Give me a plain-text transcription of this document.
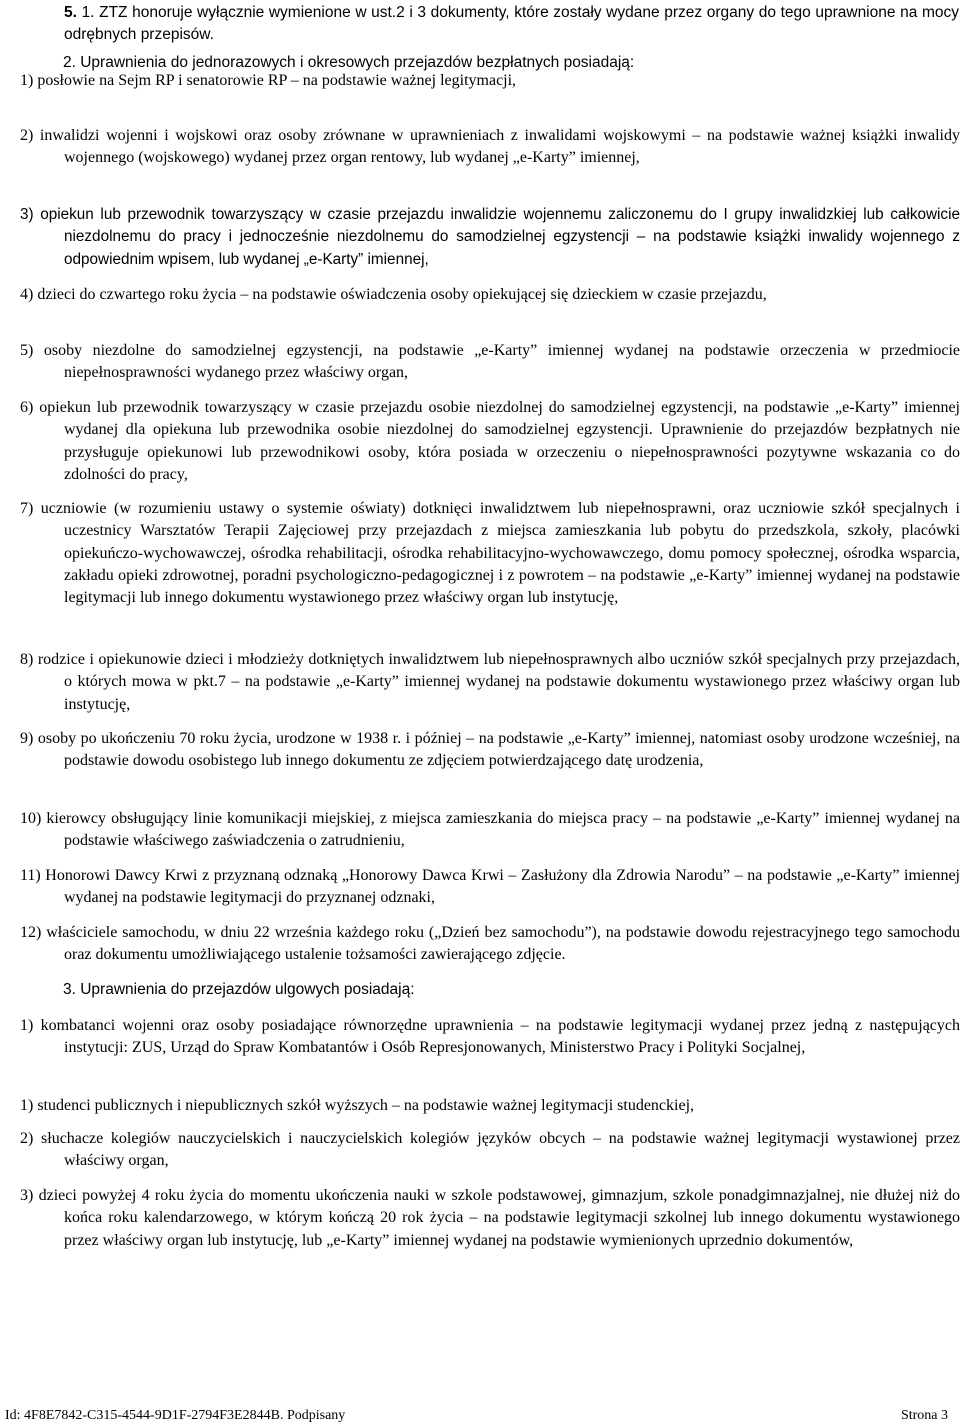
5. 1. ZTZ honoruje wyłącznie wymienione w ust.2 i 3 dokumenty, które zostały wydane przez organy do tego uprawnione na mocy odrębnych przepisów.
2. Uprawnienia do jednorazowych i okresowych przejazdów bezpłatnych posiadają:
1) posłowie na Sejm RP i senatorowie RP – na podstawie ważnej legitymacji,
2) inwalidzi wojenni i wojskowi oraz osoby zrównane w uprawnieniach z inwalidami wojskowymi – na podstawie ważnej książki inwalidy wojennego (wojskowego) wydanej przez organ rentowy, lub wydanej „e-Karty” imiennej,
3) opiekun lub przewodnik towarzyszący w czasie przejazdu inwalidzie wojennemu zaliczonemu do I grupy inwalidzkiej lub całkowicie niezdolnemu do pracy i jednocześnie niezdolnemu do samodzielnej egzystencji – na podstawie książki inwalidy wojennego z odpowiednim wpisem, lub wydanej „e-Karty” imiennej,
4) dzieci do czwartego roku życia – na podstawie oświadczenia osoby opiekującej się dzieckiem w czasie przejazdu,
5) osoby niezdolne do samodzielnej egzystencji, na podstawie „e-Karty” imiennej wydanej na podstawie orzeczenia w przedmiocie niepełnosprawności wydanego przez właściwy organ,
6) opiekun lub przewodnik towarzyszący w czasie przejazdu osobie niezdolnej do samodzielnej egzystencji, na podstawie „e-Karty” imiennej wydanej dla opiekuna lub przewodnika osobie niezdolnej do samodzielnej egzystencji. Uprawnienie do przejazdów bezpłatnych nie przysługuje opiekunowi lub przewodnikowi osoby, która posiada w orzeczeniu o niepełnosprawności pozytywne wskazania co do zdolności do pracy,
7) uczniowie (w rozumieniu ustawy o systemie oświaty) dotknięci inwalidztwem lub niepełnosprawni, oraz uczniowie szkół specjalnych i uczestnicy Warsztatów Terapii Zajęciowej przy przejazdach z miejsca zamieszkania lub pobytu do przedszkola, szkoły, placówki opiekuńczo-wychowawczej, ośrodka rehabilitacji, ośrodka rehabilitacyjno-wychowawczego, domu pomocy społecznej, ośrodka wsparcia, zakładu opieki zdrowotnej, poradni psychologiczno-pedagogicznej i z powrotem – na podstawie „e-Karty” imiennej wydanej na podstawie legitymacji lub innego dokumentu wystawionego przez właściwy organ lub instytucję,
8) rodzice i opiekunowie dzieci i młodzieży dotkniętych inwalidztwem lub niepełnosprawnych albo uczniów szkół specjalnych przy przejazdach, o których mowa w pkt.7 – na podstawie „e-Karty” imiennej wydanej na podstawie dokumentu wystawionego przez właściwy organ lub instytucję,
9) osoby po ukończeniu 70 roku życia, urodzone w 1938 r. i później – na podstawie „e-Karty” imiennej, natomiast osoby urodzone wcześniej, na podstawie dowodu osobistego lub innego dokumentu ze zdjęciem potwierdzającego datę urodzenia,
10) kierowcy obsługujący linie komunikacji miejskiej, z miejsca zamieszkania do miejsca pracy – na podstawie „e-Karty” imiennej wydanej na podstawie właściwego zaświadczenia o zatrudnieniu,
11) Honorowi Dawcy Krwi z przyznaną odznaką „Honorowy Dawca Krwi – Zasłużony dla Zdrowia Narodu” – na podstawie „e-Karty” imiennej wydanej na podstawie legitymacji do przyznanej odznaki,
12) właściciele samochodu, w dniu 22 września każdego roku („Dzień bez samochodu”), na podstawie dowodu rejestracyjnego tego samochodu oraz dokumentu umożliwiającego ustalenie tożsamości zawierającego zdjęcie.
3. Uprawnienia do przejazdów ulgowych posiadają:
1) kombatanci wojenni oraz osoby posiadające równorzędne uprawnienia – na podstawie legitymacji wydanej przez jedną z następujących instytucji: ZUS, Urząd do Spraw Kombatantów i Osób Represjonowanych, Ministerstwo Pracy i Polityki Socjalnej,
1) studenci publicznych i niepublicznych szkół wyższych – na podstawie ważnej legitymacji studenckiej,
2) słuchacze kolegiów nauczycielskich i nauczycielskich kolegiów języków obcych – na podstawie ważnej legitymacji wystawionej przez właściwy organ,
3) dzieci powyżej 4 roku życia do momentu ukończenia nauki w szkole podstawowej, gimnazjum, szkole ponadgimnazjalnej, nie dłużej niż do końca roku kalendarzowego, w którym kończą 20 rok życia – na podstawie legitymacji szkolnej lub innego dokumentu wystawionego przez właściwy organ lub instytucję, lub „e-Karty” imiennej wydanej na podstawie wymienionych uprzednio dokumentów,
Id: 4F8E7842-C315-4544-9D1F-2794F3E2844B. Podpisany	Strona 3
